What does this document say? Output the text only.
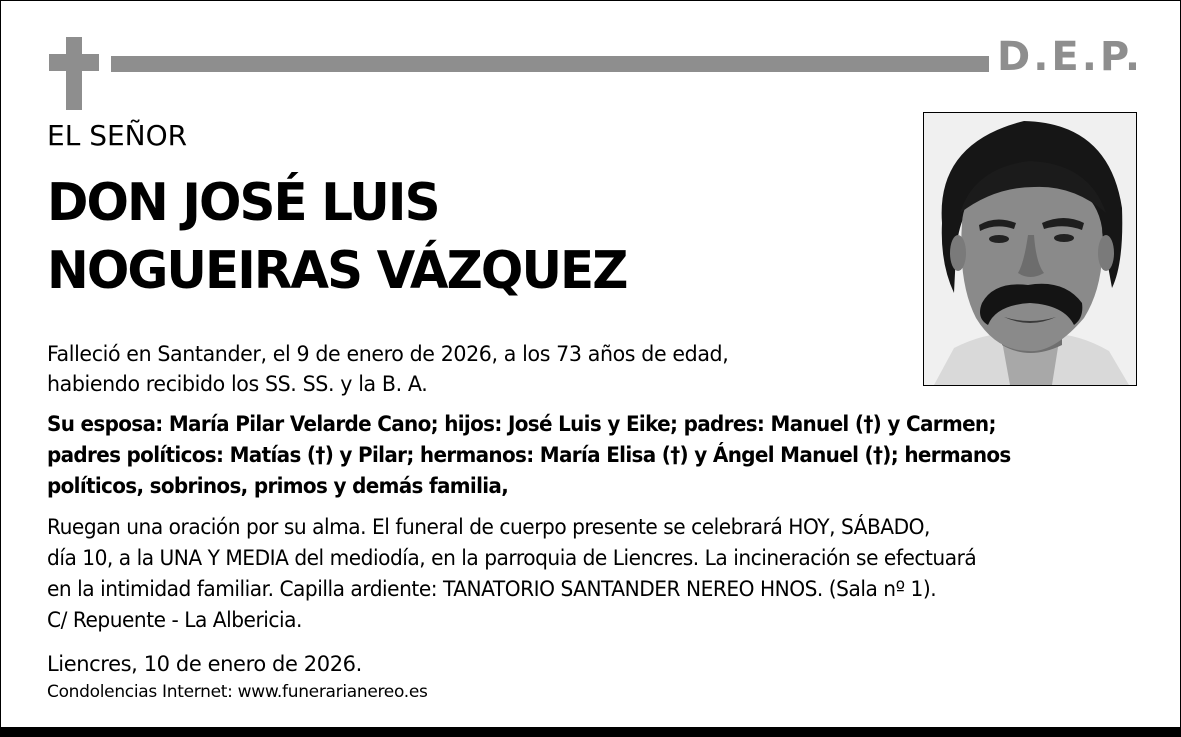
D.E.P.
EL SEÑOR
DON JOSÉ LUIS
NOGUEIRAS VÁZQUEZ
Falleció en Santander, el 9 de enero de 2026, a los 73 años de edad,
habiendo recibido los SS. SS. y la B. A.
Su esposa: María Pilar Velarde Cano; hijos: José Luis y Eike; padres: Manuel (†) y Carmen;
padres políticos: Matías (†) y Pilar; hermanos: María Elisa (†) y Ángel Manuel (†); hermanos
políticos, sobrinos, primos y demás familia,
Ruegan una oración por su alma. El funeral de cuerpo presente se celebrará HOY, SÁBADO,
día 10, a la UNA Y MEDIA del mediodía, en la parroquia de Liencres. La incineración se efectuará
en la intimidad familiar. Capilla ardiente: TANATORIO SANTANDER NEREO HNOS. (Sala nº 1).
C/ Repuente - La Albericia.
Liencres, 10 de enero de 2026.
Condolencias Internet: www.funerarianereo.es
